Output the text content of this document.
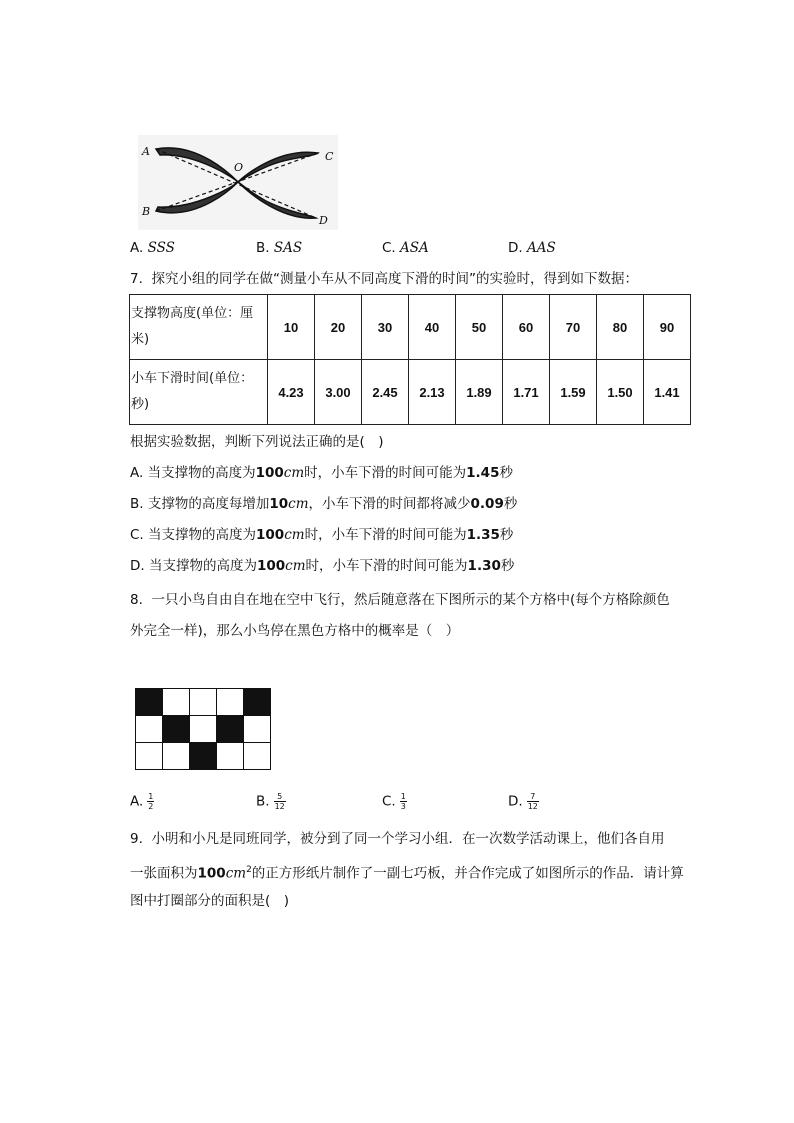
A
B
O
C
D
A. SSS	B. SAS	C. ASA	D. AAS
7. 探究小组的同学在做“测量小车从不同高度下滑的时间”的实验时，得到如下数据：
支撑物高度(单位：厘
米)	10	20	30	40	50	60	70	80	90
小车下滑时间(单位：
秒)	4.23	3.00	2.45	2.13	1.89	1.71	1.59	1.50	1.41
根据实验数据，判断下列说法正确的是(　)
A. 当支撑物的高度为100cm时，小车下滑的时间可能为1.45秒
B. 支撑物的高度每增加10cm，小车下滑的时间都将减少0.09秒
C. 当支撑物的高度为100cm时，小车下滑的时间可能为1.35秒
D. 当支撑物的高度为100cm时，小车下滑的时间可能为1.30秒
8. 一只小鸟自由自在地在空中飞行，然后随意落在下图所示的某个方格中(每个方格除颜色
外完全一样)，那么小鸟停在黑色方格中的概率是（　）

A. $\frac{1}{2}$	B. $\frac{5}{12}$	C. $\frac{1}{3}$	D. $\frac{7}{12}$
9. 小明和小凡是同班同学，被分到了同一个学习小组．在一次数学活动课上，他们各自用
一张面积为$100cm^2$的正方形纸片制作了一副七巧板，并合作完成了如图所示的作品．请计算
图中打圈部分的面积是(　)
